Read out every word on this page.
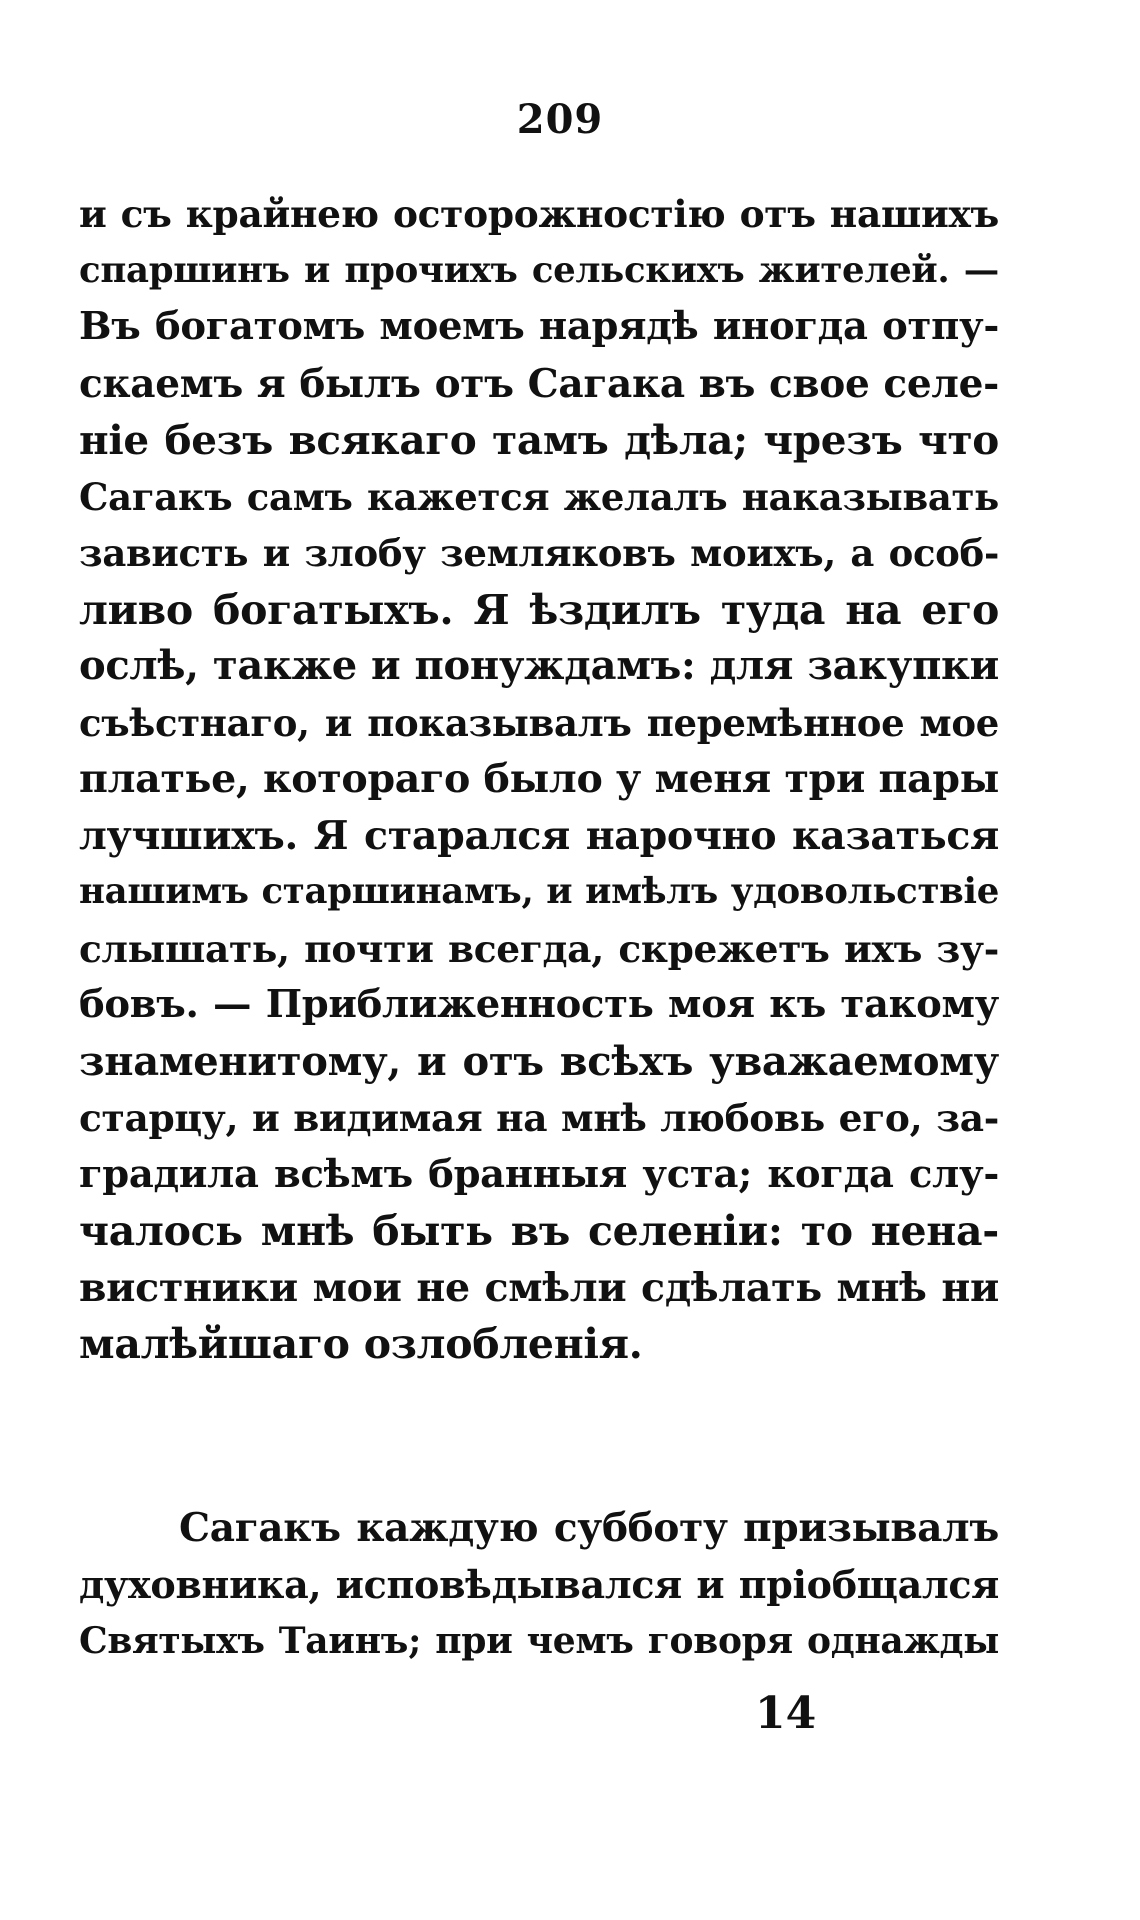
209
и съ крайнею осторожностію отъ нашихъ
спаршинъ и прочихъ сельскихъ жителей. —
Въ богатомъ моемъ нарядѣ иногда отпу-
скаемъ я былъ отъ Сагака въ свое селе-
ніе безъ всякаго тамъ дѣла; чрезъ что
Сагакъ самъ кажется желалъ наказывать
зависть и злобу земляковъ моихъ, а особ-
ливо богатыхъ. Я ѣздилъ туда на его
ослѣ, также и понуждамъ: для закупки
съѣстнаго, и показывалъ перемѣнное мое
платье, котораго было у меня три пары
лучшихъ. Я старался нарочно казаться
нашимъ старшинамъ, и имѣлъ удовольствіе
слышать, почти всегда, скрежетъ ихъ зу-
бовъ. — Приближенность моя къ такому
знаменитому, и отъ всѣхъ уважаемому
старцу, и видимая на мнѣ любовь его, за-
градила всѣмъ бранныя уста; когда слу-
чалось мнѣ быть въ селеніи: то нена-
вистники мои не смѣли сдѣлать мнѣ ни
малѣйшаго озлобленія.
Сагакъ каждую субботу призывалъ
духовника, исповѣдывался и пріобщался
Святыхъ Таинъ; при чемъ говоря однажды
14
